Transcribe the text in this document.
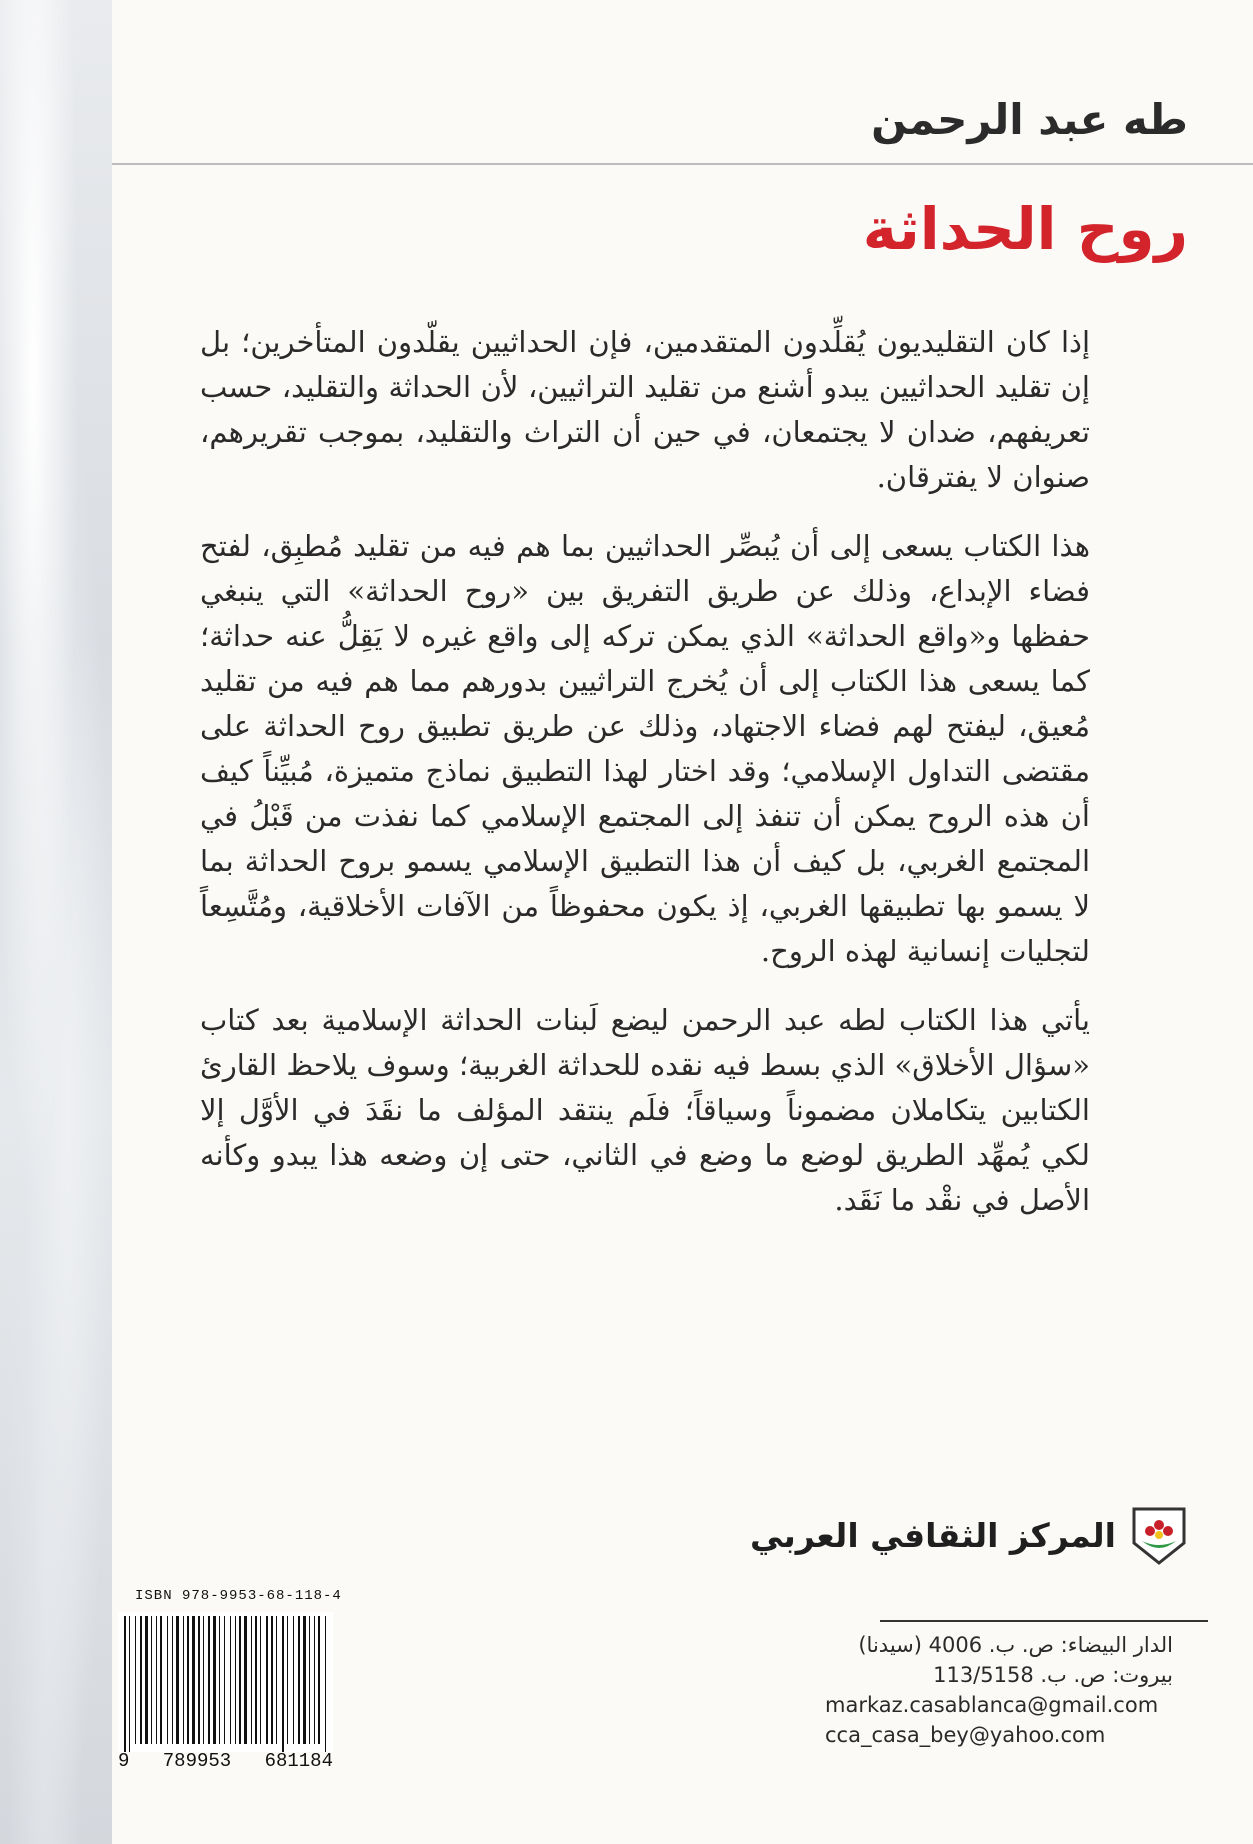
طه عبد الرحمن
روح الحداثة

إذا كان التقليديون يُقلِّدون المتقدمين، فإن الحداثيين يقلّدون المتأخرين؛ بل إن تقليد الحداثيين يبدو أشنع من تقليد التراثيين، لأن الحداثة والتقليد، حسب تعريفهم، ضدان لا يجتمعان، في حين أن التراث والتقليد، بموجب تقريرهم، صنوان لا يفترقان.

هذا الكتاب يسعى إلى أن يُبصِّر الحداثيين بما هم فيه من تقليد مُطبِق، لفتح فضاء الإبداع، وذلك عن طريق التفريق بين «روح الحداثة» التي ينبغي حفظها و«واقع الحداثة» الذي يمكن تركه إلى واقع غيره لا يَقِلُّ عنه حداثة؛ كما يسعى هذا الكتاب إلى أن يُخرج التراثيين بدورهم مما هم فيه من تقليد مُعيق، ليفتح لهم فضاء الاجتهاد، وذلك عن طريق تطبيق روح الحداثة على مقتضى التداول الإسلامي؛ وقد اختار لهذا التطبيق نماذج متميزة، مُبيِّناً كيف أن هذه الروح يمكن أن تنفذ إلى المجتمع الإسلامي كما نفذت من قَبْلُ في المجتمع الغربي، بل كيف أن هذا التطبيق الإسلامي يسمو بروح الحداثة بما لا يسمو بها تطبيقها الغربي، إذ يكون محفوظاً من الآفات الأخلاقية، ومُتَّسِعاً لتجليات إنسانية لهذه الروح.

يأتي هذا الكتاب لطه عبد الرحمن ليضع لَبنات الحداثة الإسلامية بعد كتاب «سؤال الأخلاق» الذي بسط فيه نقده للحداثة الغربية؛ وسوف يلاحظ القارئ الكتابين يتكاملان مضموناً وسياقاً؛ فلَم ينتقد المؤلف ما نقَدَ في الأوَّل إلا لكي يُمهِّد الطريق لوضع ما وضع في الثاني، حتى إن وضعه هذا يبدو وكأنه الأصل في نقْد ما نَقَد.

المركز الثقافي العربي
الدار البيضاء: ص. ب. 4006 (سيدنا)
بيروت: ص. ب. 113/5158
markaz.casablanca@gmail.com
cca_casa_bey@yahoo.com
ISBN 978-9953-68-118-4
9 789953 681184
